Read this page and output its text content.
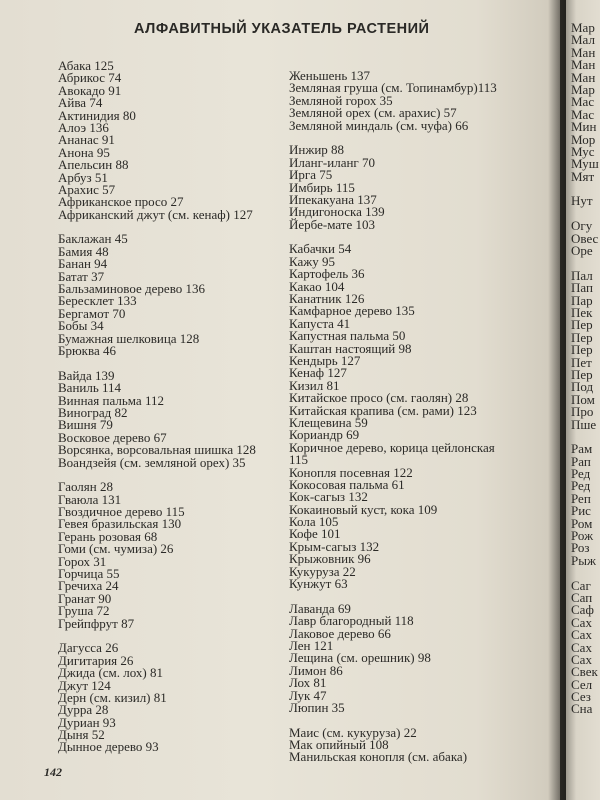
АЛФАВИТНЫЙ УКАЗАТЕЛЬ РАСТЕНИЙ
Абака 125
Абрикос 74
Авокадо 91
Айва 74
Актинидия 80
Алоэ 136
Ананас 91
Анона 95
Апельсин 88
Арбуз 51
Арахис 57
Африканское просо 27
Африканский джут (см. кенаф) 127
Баклажан 45
Бамия 48
Банан 94
Батат 37
Бальзаминовое дерево 136
Бересклет 133
Бергамот 70
Бобы 34
Бумажная шелковица 128
Брюква 46
Вайда 139
Ваниль 114
Винная пальма 112
Виноград 82
Вишня 79
Восковое дерево 67
Ворсянка, ворсовальная шишка 128
Воандзейя (см. земляной орех) 35
Гаолян 28
Гваюла 131
Гвоздичное дерево 115
Гевея бразильская 130
Герань розовая 68
Гоми (см. чумиза) 26
Горох 31
Горчица 55
Гречиха 24
Гранат 90
Груша 72
Грейпфрут 87
Дагусса 26
Дигитария 26
Джида (см. лох) 81
Джут 124
Дерн (см. кизил) 81
Дурра 28
Дуриан 93
Дыня 52
Дынное дерево 93
Женьшень 137
Земляная груша (см. Топинамбур)113
Земляной горох 35
Земляной орех (см. арахис) 57
Земляной миндаль (см. чуфа) 66
Инжир 88
Иланг-иланг 70
Ирга 75
Имбирь 115
Ипекакуана 137
Индигоноска 139
Йербе-мате 103
Кабачки 54
Кажу 95
Картофель 36
Какао 104
Канатник 126
Камфарное дерево 135
Капуста 41
Капустная пальма 50
Каштан настоящий 98
Кендырь 127
Кенаф 127
Кизил 81
Китайское просо (см. гаолян) 28
Китайская крапива (см. рами) 123
Клещевина 59
Кориандр 69
Коричное дерево, корица цейлонская
115
Конопля посевная 122
Кокосовая пальма 61
Кок-сагыз 132
Кокаиновый куст, кока 109
Кола 105
Кофе 101
Крым-сагыз 132
Крыжовник 96
Кукуруза 22
Кунжут 63
Лаванда 69
Лавр благородный 118
Лаковое дерево 66
Лен 121
Лещина (см. орешник) 98
Лимон 86
Лох 81
Лук 47
Люпин 35
Маис (см. кукуруза) 22
Мак опийный 108
Манильская конопля (см. абака)
142
Мар
Мал
Ман
Ман
Ман
Мар
Мас
Мас
Мин
Мор
Мус
Муш
Мят
Нут
Огу
Овес
Оре
Пал
Пап
Пар
Пек
Пер
Пер
Пер
Пет
Пер
Под
Пом
Про
Пше
Рам
Рап
Ред
Ред
Реп
Рис
Ром
Рож
Роз
Рыж
Саг
Сап
Саф
Сах
Сах
Сах
Сах
Свек
Сел
Сез
Сна
